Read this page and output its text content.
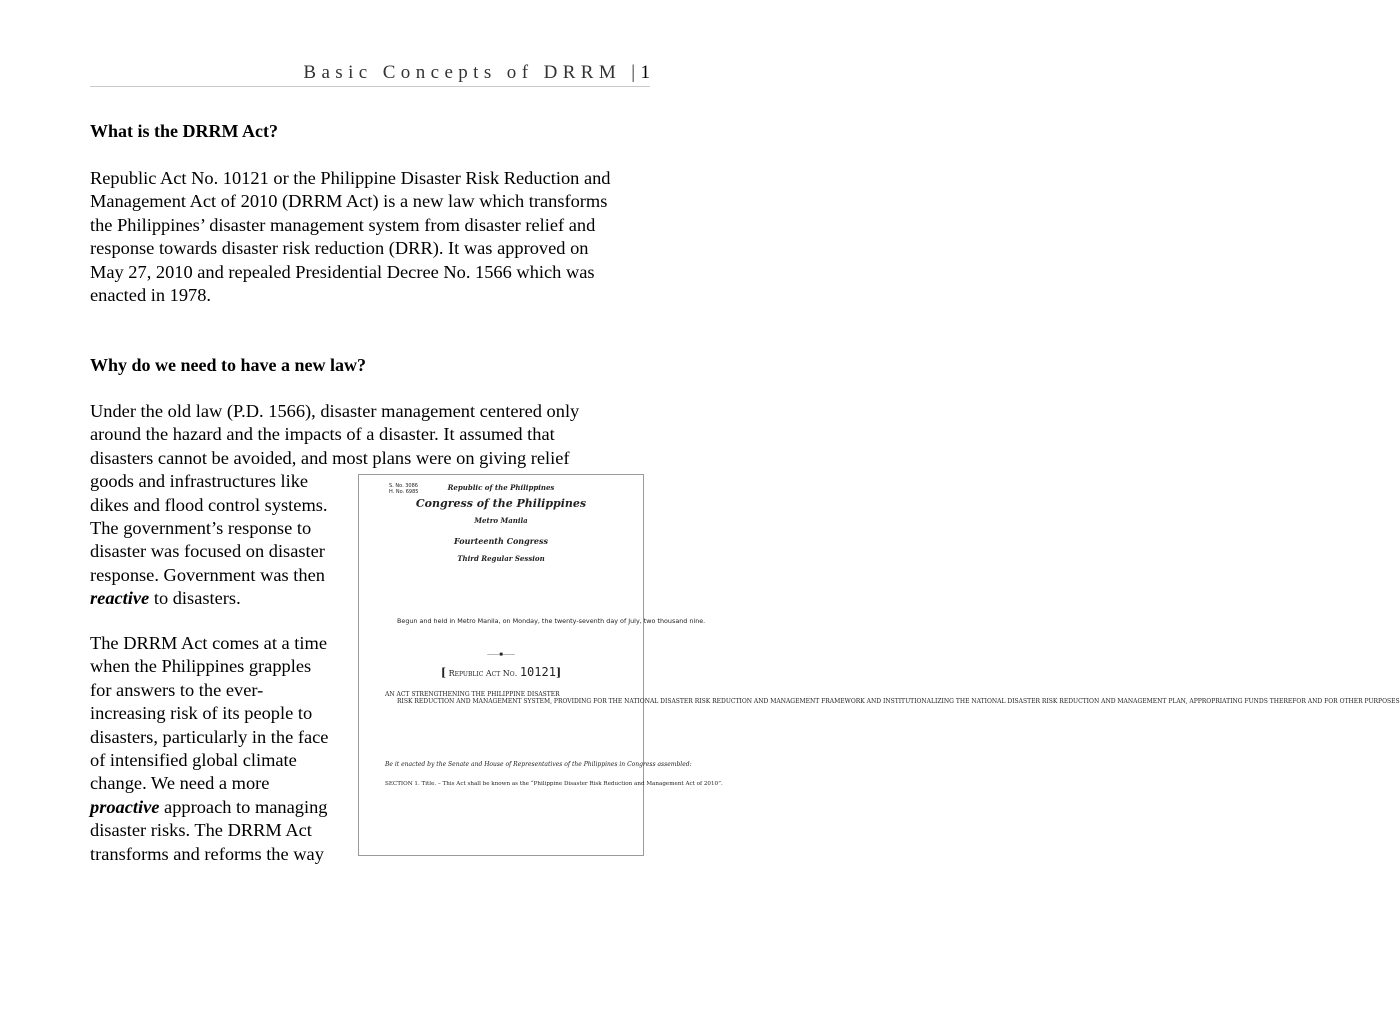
Basic Concepts of DRRM |1
What is the DRRM Act?
Republic Act No. 10121 or the Philippine Disaster Risk Reduction and
Management Act of 2010 (DRRM Act) is a new law which transforms
the Philippines’ disaster management system from disaster relief and
response towards disaster risk reduction (DRR). It was approved on
May 27, 2010 and repealed Presidential Decree No. 1566 which was
enacted in 1978.
Why do we need to have a new law?
Under the old law (P.D. 1566), disaster management centered only
around the hazard and the impacts of a disaster. It assumed that
disasters cannot be avoided, and most plans were on giving relief
goods and infrastructures like
dikes and flood control systems.
The government’s response to
disaster was focused on disaster
response. Government was then
reactive to disasters.
The DRRM Act comes at a time
when the Philippines grapples
for answers to the ever-
increasing risk of its people to
disasters, particularly in the face
of intensified global climate
change. We need a more
proactive approach to managing
disaster risks. The DRRM Act
transforms and reforms the way
S. No. 3086
H. No. 6985	Republic of the Philippines
Congress of the Philippines
Metro Manila
Fourteenth Congress
Third Regular Session
Begun and held in Metro Manila, on Monday, the twenty-seventh day of July, two thousand nine.
——■——
[ Republic Act No. 10121]
AN ACT STRENGTHENING THE PHILIPPINE DISASTER
RISK REDUCTION AND MANAGEMENT SYSTEM, PROVIDING FOR THE NATIONAL DISASTER RISK REDUCTION AND MANAGEMENT FRAMEWORK AND INSTITUTIONALIZING THE NATIONAL DISASTER RISK REDUCTION AND MANAGEMENT PLAN, APPROPRIATING FUNDS THEREFOR AND FOR OTHER PURPOSES
Be it enacted by the Senate and House of Representatives of the Philippines in Congress assembled:
SECTION 1. Title. – This Act shall be known as the “Philippine Disaster Risk Reduction and Management Act of 2010”.
